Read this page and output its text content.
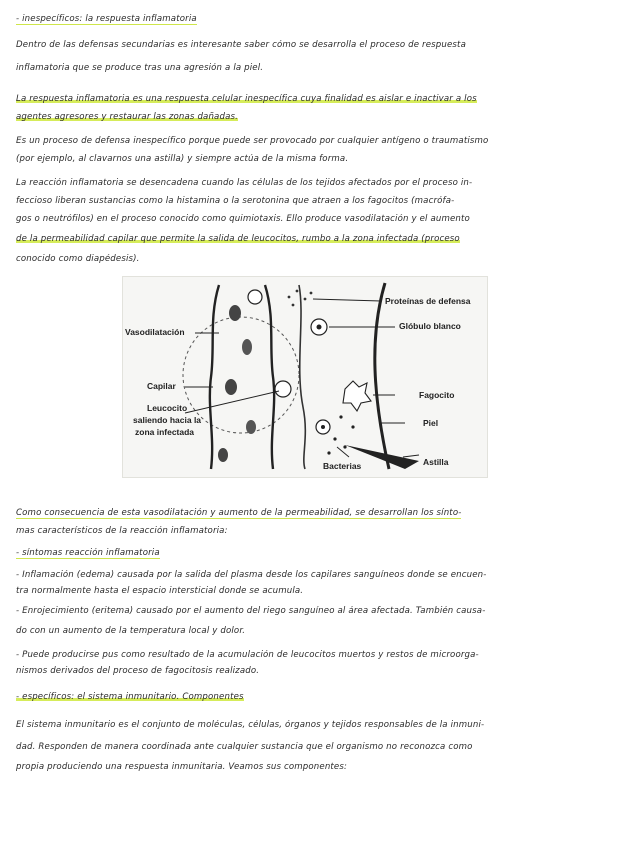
- inespecíficos: la respuesta inflamatoria
Dentro de las defensas secundarias es interesante saber cómo se desarrolla el proceso de respuesta
inflamatoria que se produce tras una agresión a la piel.
La respuesta inflamatoria es una respuesta celular inespecífica cuya finalidad es aislar e inactivar a los
agentes agresores y restaurar las zonas dañadas.
Es un proceso de defensa inespecífico porque puede ser provocado por cualquier antígeno o traumatismo
(por ejemplo, al clavarnos una astilla) y siempre actúa de la misma forma.
La reacción inflamatoria se desencadena cuando las células de los tejidos afectados por el proceso in-
feccioso liberan sustancias como la histamina o la serotonina que atraen a los fagocitos (macrófa-
gos o neutrófilos) en el proceso conocido como quimiotaxis. Ello produce vasodilatación y el aumento
de la permeabilidad capilar que permite la salida de leucocitos, rumbo a la zona infectada (proceso
conocido como diapédesis).
Vasodilatación
Capilar
Leucocito
saliendo hacia la
zona infectada
Proteínas de defensa
Glóbulo blanco
Fagocito
Piel
Astilla
Bacterias
Como consecuencia de esta vasodilatación y aumento de la permeabilidad, se desarrollan los sínto-
mas característicos de la reacción inflamatoria:
- síntomas reacción inflamatoria
- Inflamación (edema) causada por la salida del plasma desde los capilares sanguíneos donde se encuen-
tra normalmente hasta el espacio intersticial donde se acumula.
- Enrojecimiento (eritema) causado por el aumento del riego sanguíneo al área afectada. También causa-
do con un aumento de la temperatura local y dolor.
- Puede producirse pus como resultado de la acumulación de leucocitos muertos y restos de microorga-
nismos derivados del proceso de fagocitosis realizado.
- específicos: el sistema inmunitario. Componentes
El sistema inmunitario es el conjunto de moléculas, células, órganos y tejidos responsables de la inmuni-
dad. Responden de manera coordinada ante cualquier sustancia que el organismo no reconozca como
propia produciendo una respuesta inmunitaria. Veamos sus componentes:
